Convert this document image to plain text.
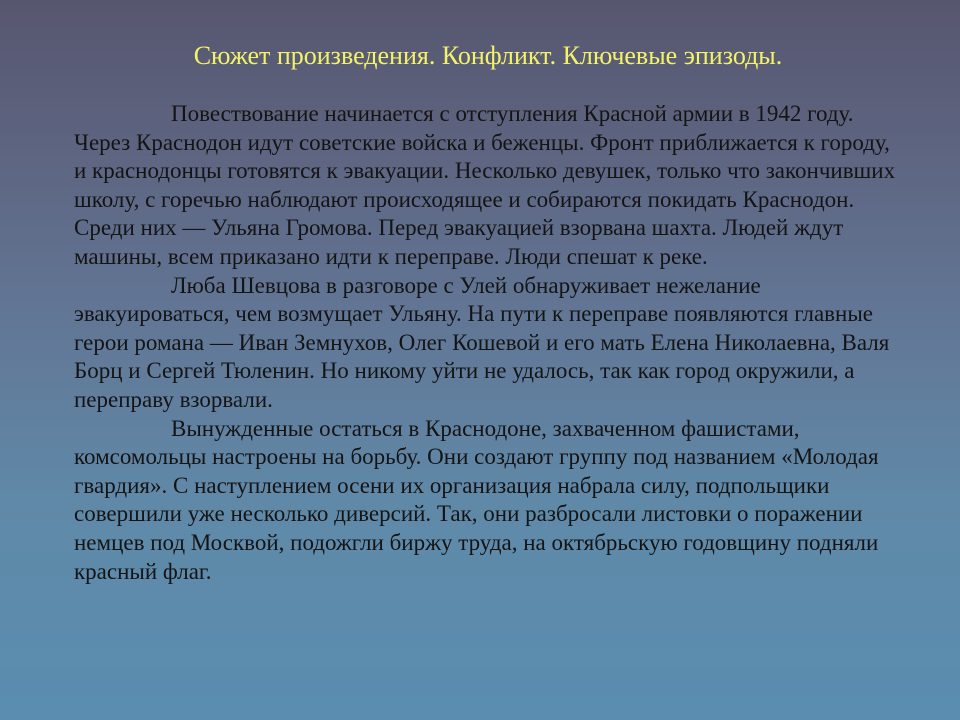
Сюжет произведения. Конфликт. Ключевые эпизоды.

Повествование начинается с отступления Красной армии в 1942 году. Через Краснодон идут советские войска и беженцы. Фронт приближается к городу, и краснодонцы готовятся к эвакуации. Несколько девушек, только что закончивших школу, с горечью наблюдают происходящее и собираются покидать Краснодон. Среди них — Ульяна Громова. Перед эвакуацией взорвана шахта. Людей ждут машины, всем приказано идти к переправе. Люди спешат к реке.

Люба Шевцова в разговоре с Улей обнаруживает нежелание эвакуироваться, чем возмущает Ульяну. На пути к переправе появляются главные герои романа — Иван Земнухов, Олег Кошевой и его мать Елена Николаевна, Валя Борц и Сергей Тюленин. Но никому уйти не удалось, так как город окружили, а переправу взорвали.

Вынужденные остаться в Краснодоне, захваченном фашистами, комсомольцы настроены на борьбу. Они создают группу под названием «Молодая гвардия». С наступлением осени их организация набрала силу, подпольщики совершили уже несколько диверсий. Так, они разбросали листовки о поражении немцев под Москвой, подожгли биржу труда, на октябрьскую годовщину подняли красный флаг.
